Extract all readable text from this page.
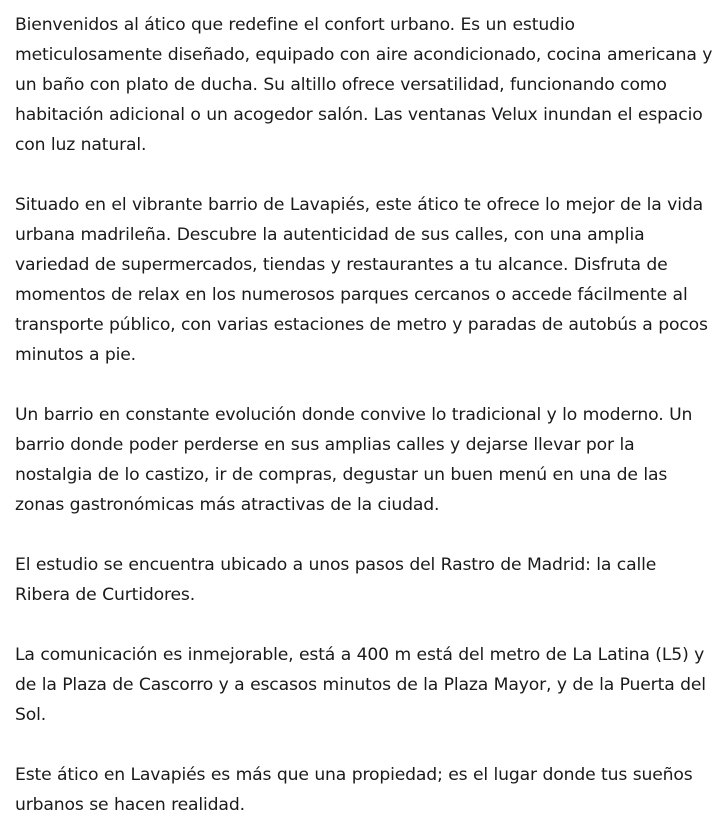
Bienvenidos al ático que redefine el confort urbano. Es un estudio meticulosamente diseñado, equipado con aire acondicionado, cocina americana y un baño con plato de ducha. Su altillo ofrece versatilidad, funcionando como habitación adicional o un acogedor salón. Las ventanas Velux inundan el espacio con luz natural.

Situado en el vibrante barrio de Lavapiés, este ático te ofrece lo mejor de la vida urbana madrileña. Descubre la autenticidad de sus calles, con una amplia variedad de supermercados, tiendas y restaurantes a tu alcance. Disfruta de momentos de relax en los numerosos parques cercanos o accede fácilmente al transporte público, con varias estaciones de metro y paradas de autobús a pocos minutos a pie.

Un barrio en constante evolución donde convive lo tradicional y lo moderno. Un barrio donde poder perderse en sus amplias calles y dejarse llevar por la nostalgia de lo castizo, ir de compras, degustar un buen menú en una de las zonas gastronómicas más atractivas de la ciudad.

El estudio se encuentra ubicado a unos pasos del Rastro de Madrid: la calle Ribera de Curtidores.

La comunicación es inmejorable, está a 400 m está del metro de La Latina (L5) y de la Plaza de Cascorro y a escasos minutos de la Plaza Mayor, y de la Puerta del Sol.

Este ático en Lavapiés es más que una propiedad; es el lugar donde tus sueños urbanos se hacen realidad.
